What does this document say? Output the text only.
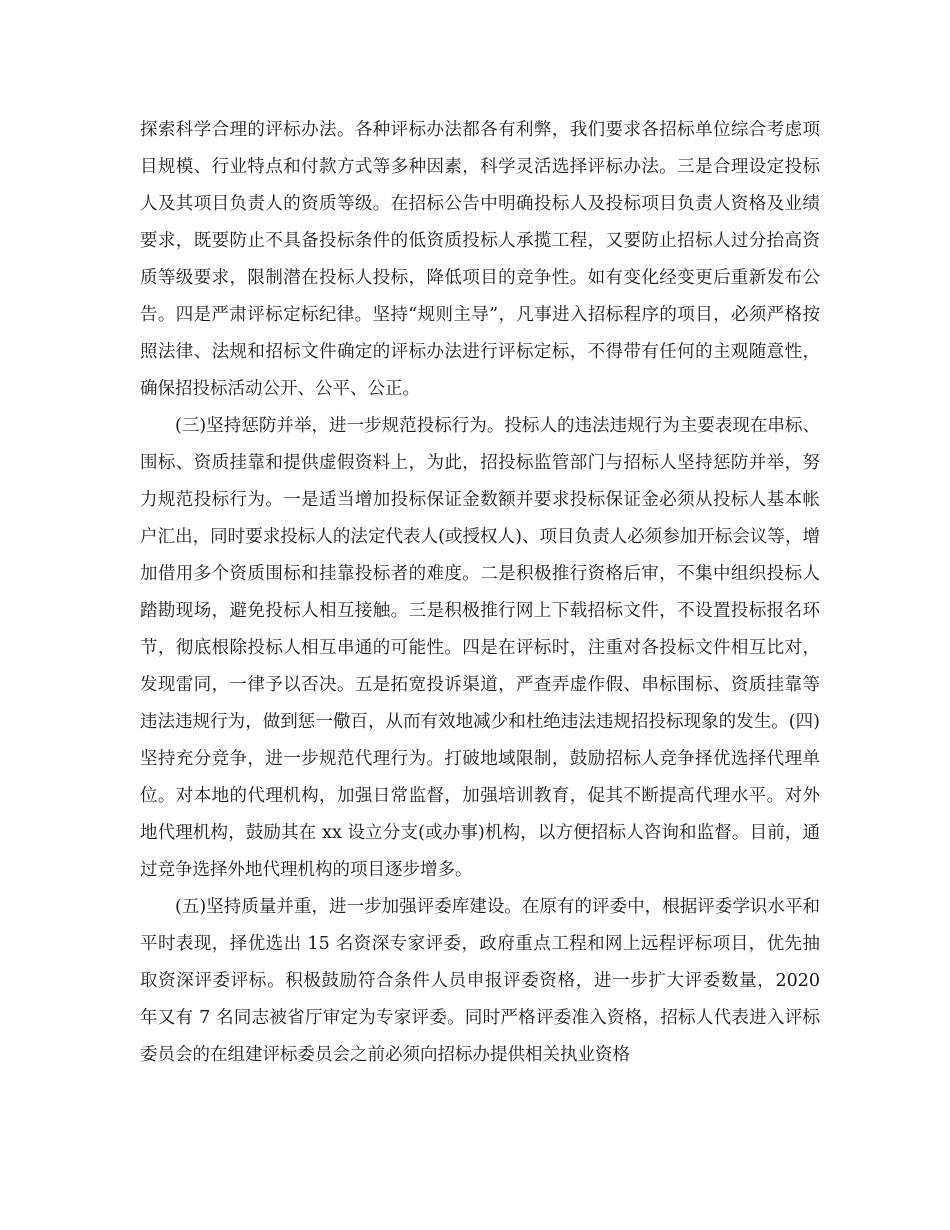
探索科学合理的评标办法。各种评标办法都各有利弊，我们要求各招标单位综合考虑项目规模、行业特点和付款方式等多种因素，科学灵活选择评标办法。三是合理设定投标人及其项目负责人的资质等级。在招标公告中明确投标人及投标项目负责人资格及业绩要求，既要防止不具备投标条件的低资质投标人承揽工程，又要防止招标人过分抬高资质等级要求，限制潜在投标人投标，降低项目的竞争性。如有变化经变更后重新发布公告。四是严肃评标定标纪律。坚持“规则主导”，凡事进入招标程序的项目，必须严格按照法律、法规和招标文件确定的评标办法进行评标定标，不得带有任何的主观随意性，确保招投标活动公开、公平、公正。

(三)坚持惩防并举，进一步规范投标行为。投标人的违法违规行为主要表现在串标、围标、资质挂靠和提供虚假资料上，为此，招投标监管部门与招标人坚持惩防并举，努力规范投标行为。一是适当增加投标保证金数额并要求投标保证金必须从投标人基本帐户汇出，同时要求投标人的法定代表人(或授权人)、项目负责人必须参加开标会议等，增加借用多个资质围标和挂靠投标者的难度。二是积极推行资格后审，不集中组织投标人踏勘现场，避免投标人相互接触。三是积极推行网上下载招标文件，不设置投标报名环节，彻底根除投标人相互串通的可能性。四是在评标时，注重对各投标文件相互比对，发现雷同，一律予以否决。五是拓宽投诉渠道，严查弄虚作假、串标围标、资质挂靠等违法违规行为，做到惩一儆百，从而有效地减少和杜绝违法违规招投标现象的发生。(四)坚持充分竞争，进一步规范代理行为。打破地域限制，鼓励招标人竞争择优选择代理单位。对本地的代理机构，加强日常监督，加强培训教育，促其不断提高代理水平。对外地代理机构，鼓励其在 xx 设立分支(或办事)机构，以方便招标人咨询和监督。目前，通过竞争选择外地代理机构的项目逐步增多。

(五)坚持质量并重，进一步加强评委库建设。在原有的评委中，根据评委学识水平和平时表现，择优选出 15 名资深专家评委，政府重点工程和网上远程评标项目，优先抽取资深评委评标。积极鼓励符合条件人员申报评委资格，进一步扩大评委数量，2020 年又有 7 名同志被省厅审定为专家评委。同时严格评委准入资格，招标人代表进入评标委员会的在组建评标委员会之前必须向招标办提供相关执业资格
